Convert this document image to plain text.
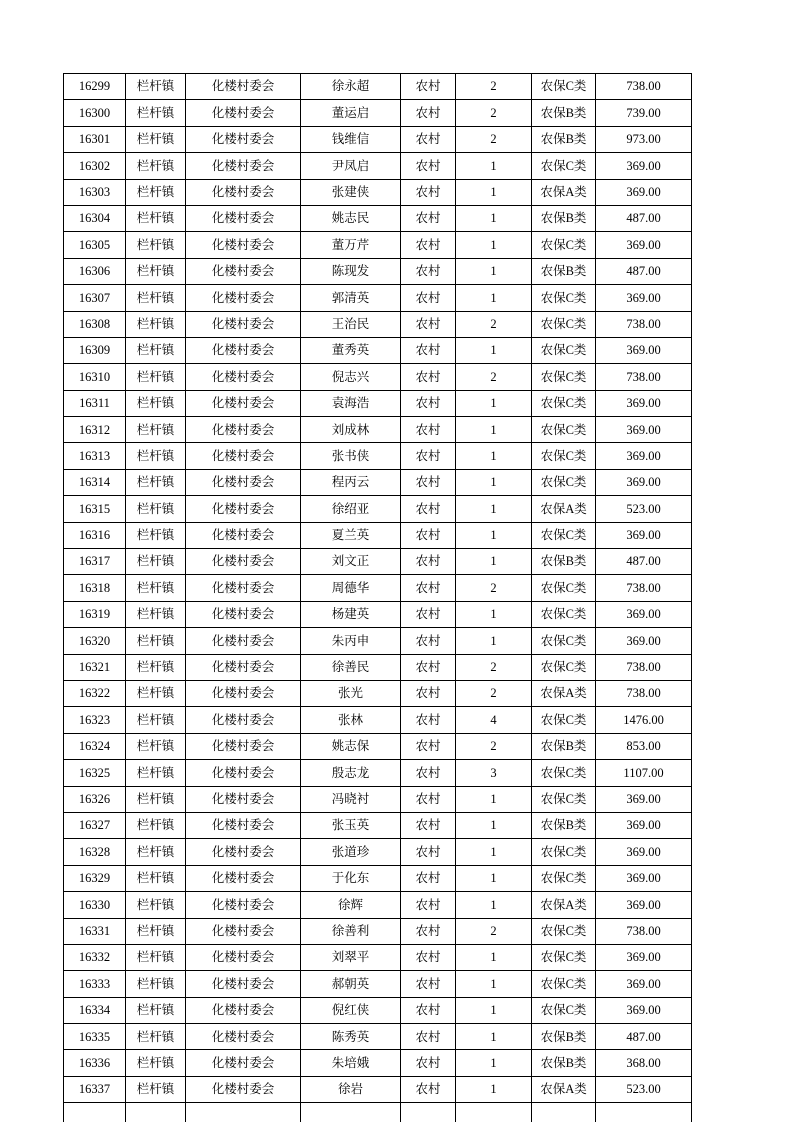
16299	栏杆镇	化楼村委会	徐永超	农村	2	农保C类	738.00
16300	栏杆镇	化楼村委会	董运启	农村	2	农保B类	739.00
16301	栏杆镇	化楼村委会	钱维信	农村	2	农保B类	973.00
16302	栏杆镇	化楼村委会	尹凤启	农村	1	农保C类	369.00
16303	栏杆镇	化楼村委会	张建侠	农村	1	农保A类	369.00
16304	栏杆镇	化楼村委会	姚志民	农村	1	农保B类	487.00
16305	栏杆镇	化楼村委会	董万芹	农村	1	农保C类	369.00
16306	栏杆镇	化楼村委会	陈现发	农村	1	农保B类	487.00
16307	栏杆镇	化楼村委会	郭清英	农村	1	农保C类	369.00
16308	栏杆镇	化楼村委会	王治民	农村	2	农保C类	738.00
16309	栏杆镇	化楼村委会	董秀英	农村	1	农保C类	369.00
16310	栏杆镇	化楼村委会	倪志兴	农村	2	农保C类	738.00
16311	栏杆镇	化楼村委会	袁海浩	农村	1	农保C类	369.00
16312	栏杆镇	化楼村委会	刘成林	农村	1	农保C类	369.00
16313	栏杆镇	化楼村委会	张书侠	农村	1	农保C类	369.00
16314	栏杆镇	化楼村委会	程丙云	农村	1	农保C类	369.00
16315	栏杆镇	化楼村委会	徐绍亚	农村	1	农保A类	523.00
16316	栏杆镇	化楼村委会	夏兰英	农村	1	农保C类	369.00
16317	栏杆镇	化楼村委会	刘文正	农村	1	农保B类	487.00
16318	栏杆镇	化楼村委会	周德华	农村	2	农保C类	738.00
16319	栏杆镇	化楼村委会	杨建英	农村	1	农保C类	369.00
16320	栏杆镇	化楼村委会	朱丙申	农村	1	农保C类	369.00
16321	栏杆镇	化楼村委会	徐善民	农村	2	农保C类	738.00
16322	栏杆镇	化楼村委会	张光	农村	2	农保A类	738.00
16323	栏杆镇	化楼村委会	张林	农村	4	农保C类	1476.00
16324	栏杆镇	化楼村委会	姚志保	农村	2	农保B类	853.00
16325	栏杆镇	化楼村委会	殷志龙	农村	3	农保C类	1107.00
16326	栏杆镇	化楼村委会	冯晓衬	农村	1	农保C类	369.00
16327	栏杆镇	化楼村委会	张玉英	农村	1	农保B类	369.00
16328	栏杆镇	化楼村委会	张道珍	农村	1	农保C类	369.00
16329	栏杆镇	化楼村委会	于化东	农村	1	农保C类	369.00
16330	栏杆镇	化楼村委会	徐辉	农村	1	农保A类	369.00
16331	栏杆镇	化楼村委会	徐善利	农村	2	农保C类	738.00
16332	栏杆镇	化楼村委会	刘翠平	农村	1	农保C类	369.00
16333	栏杆镇	化楼村委会	郝朝英	农村	1	农保C类	369.00
16334	栏杆镇	化楼村委会	倪红侠	农村	1	农保C类	369.00
16335	栏杆镇	化楼村委会	陈秀英	农村	1	农保B类	487.00
16336	栏杆镇	化楼村委会	朱培娥	农村	1	农保B类	368.00
16337	栏杆镇	化楼村委会	徐岩	农村	1	农保A类	523.00
